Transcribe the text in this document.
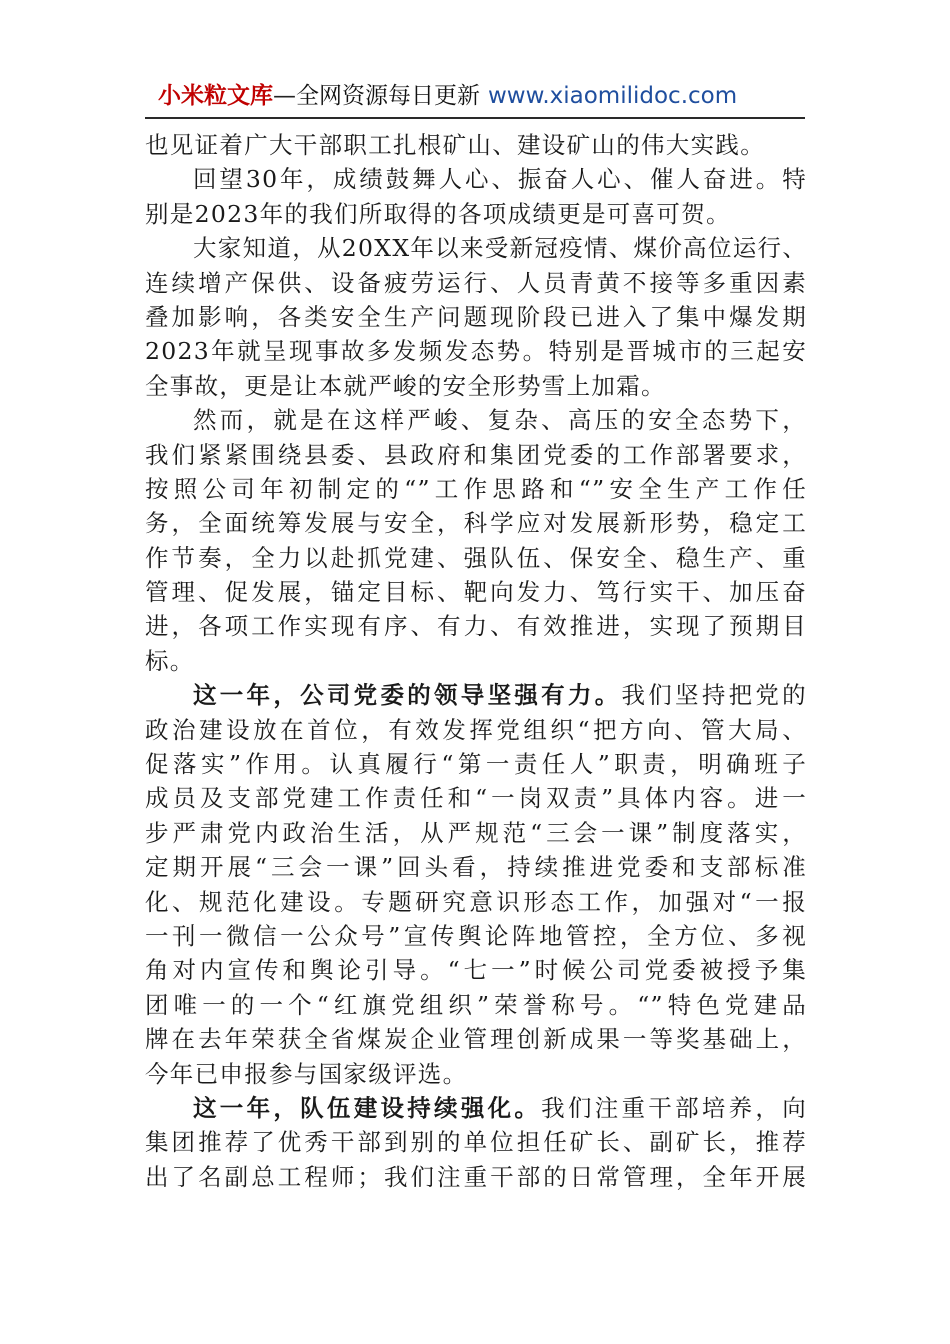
小米粒文库—全网资源每日更新 www.xiaomilidoc.com
也见证着广大干部职工扎根矿山、建设矿山的伟大实践。
回望30年，成绩鼓舞人心、振奋人心、催人奋进。特
别是2023年的我们所取得的各项成绩更是可喜可贺。
大家知道，从20XX年以来受新冠疫情、煤价高位运行、
连续增产保供、设备疲劳运行、人员青黄不接等多重因素
叠加影响，各类安全生产问题现阶段已进入了集中爆发期
2023年就呈现事故多发频发态势。特别是晋城市的三起安
全事故，更是让本就严峻的安全形势雪上加霜。
然而，就是在这样严峻、复杂、高压的安全态势下，
我们紧紧围绕县委、县政府和集团党委的工作部署要求，
按照公司年初制定的“”工作思路和“”安全生产工作任
务，全面统筹发展与安全，科学应对发展新形势，稳定工
作节奏，全力以赴抓党建、强队伍、保安全、稳生产、重
管理、促发展，锚定目标、靶向发力、笃行实干、加压奋
进，各项工作实现有序、有力、有效推进，实现了预期目
标。
这一年，公司党委的领导坚强有力。我们坚持把党的
政治建设放在首位，有效发挥党组织“把方向、管大局、
促落实”作用。认真履行“第一责任人”职责，明确班子
成员及支部党建工作责任和“一岗双责”具体内容。进一
步严肃党内政治生活，从严规范“三会一课”制度落实，
定期开展“三会一课”回头看，持续推进党委和支部标准
化、规范化建设。专题研究意识形态工作，加强对“一报
一刊一微信一公众号”宣传舆论阵地管控，全方位、多视
角对内宣传和舆论引导。“七一”时候公司党委被授予集
团唯一的一个“红旗党组织”荣誉称号。“”特色党建品
牌在去年荣获全省煤炭企业管理创新成果一等奖基础上，
今年已申报参与国家级评选。
这一年，队伍建设持续强化。我们注重干部培养，向
集团推荐了优秀干部到别的单位担任矿长、副矿长，推荐
出了名副总工程师；我们注重干部的日常管理，全年开展
